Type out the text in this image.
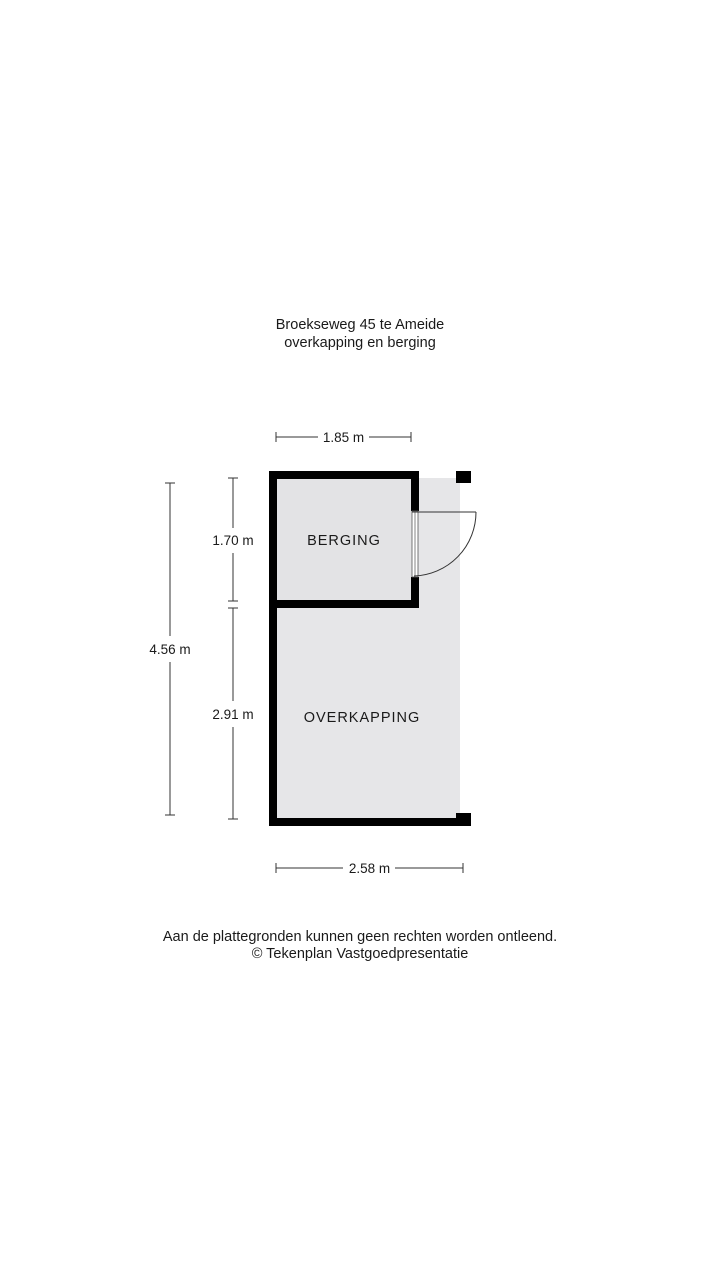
Broekseweg 45 te Ameide
overkapping en berging
1.85 m
2.58 m
4.56 m
1.70 m
2.91 m
BERGING
OVERKAPPING
Aan de plattegronden kunnen geen rechten worden ontleend.
© Tekenplan Vastgoedpresentatie
